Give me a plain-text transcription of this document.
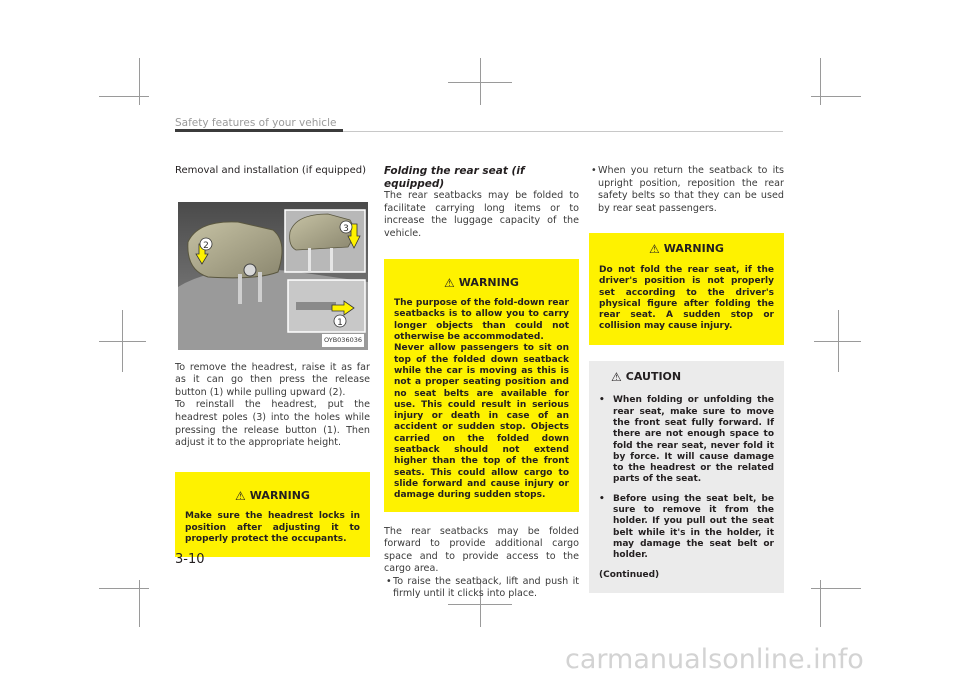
Safety features of your vehicle
Removal and installation (if equipped)
2
3
1
OYB036036
To remove the headrest, raise it as far as it can go then press the release button (1) while pulling upward (2).
To reinstall the headrest, put the headrest poles (3) into the holes while pressing the release button (1). Then adjust it to the appropriate height.
⚠ WARNING
Make sure the headrest locks in position after adjusting it to properly protect the occupants.
Folding the rear seat (if equipped)
The rear seatbacks may be folded to facilitate carrying long items or to increase the luggage capacity of the vehicle.
⚠ WARNING
The purpose of the fold-down rear seatbacks is to allow you to carry longer objects than could not otherwise be accommodated.
Never allow passengers to sit on top of the folded down seatback while the car is moving as this is not a proper seating position and no seat belts are available for use. This could result in serious injury or death in case of an accident or sudden stop. Objects carried on the folded down seatback should not extend higher than the top of the front seats. This could allow cargo to slide forward and cause injury or damage during sudden stops.
The rear seatbacks may be folded forward to provide additional cargo space and to provide access to the cargo area.
• To raise the seatback, lift and push it firmly until it clicks into place.
• When you return the seatback to its upright position, reposition the rear safety belts so that they can be used by rear seat passengers.
⚠ WARNING
Do not fold the rear seat, if the driver's position is not properly set according to the driver's physical figure after folding the rear seat. A sudden stop or collision may cause injury.
⚠ CAUTION
• When folding or unfolding the rear seat, make sure to move the front seat fully forward. If there are not enough space to fold the rear seat, never fold it by force. It will cause damage to the headrest or the related parts of the seat.
• Before using the seat belt, be sure to remove it from the holder. If you pull out the seat belt while it's in the holder, it may damage the seat belt or holder.
(Continued)
3-10
carmanualsonline.info
